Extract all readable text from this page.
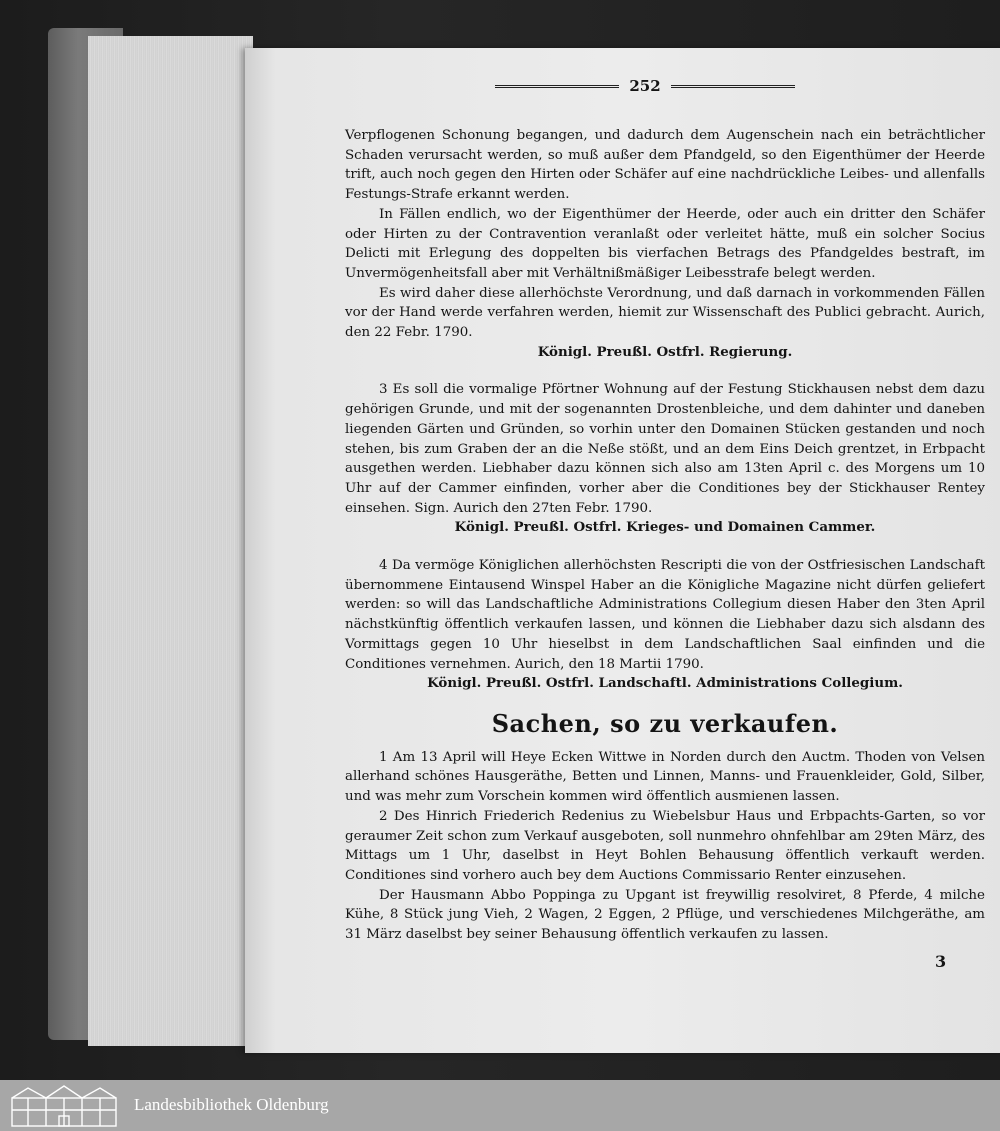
252

Verpflogenen Schonung begangen, und dadurch dem Augenschein nach ein beträchtlicher Schaden verursacht werden, so muß außer dem Pfandgeld, so den Eigenthümer der Heerde trift, auch noch gegen den Hirten oder Schäfer auf eine nachdrückliche Leibes- und allenfalls Festungs-Strafe erkannt werden.

In Fällen endlich, wo der Eigenthümer der Heerde, oder auch ein dritter den Schäfer oder Hirten zu der Contravention veranlaßt oder verleitet hätte, muß ein solcher Socius Delicti mit Erlegung des doppelten bis vierfachen Betrags des Pfandgeldes bestraft, im Unvermögenheitsfall aber mit Verhältnißmäßiger Leibesstrafe belegt werden.

Es wird daher diese allerhöchste Verordnung, und daß darnach in vorkommenden Fällen vor der Hand werde verfahren werden, hiemit zur Wissenschaft des Publici gebracht. Aurich, den 22 Febr. 1790.

Königl. Preußl. Ostfrl. Regierung.

3 Es soll die vormalige Pförtner Wohnung auf der Festung Stickhausen nebst dem dazu gehörigen Grunde, und mit der sogenannten Drostenbleiche, und dem dahinter und daneben liegenden Gärten und Gründen, so vorhin unter den Domainen Stücken gestanden und noch stehen, bis zum Graben der an die Neße stößt, und an dem Eins Deich grentzet, in Erbpacht ausgethen werden. Liebhaber dazu können sich also am 13ten April c. des Morgens um 10 Uhr auf der Cammer einfinden, vorher aber die Conditiones bey der Stickhauser Rentey einsehen. Sign. Aurich den 27ten Febr. 1790.

Königl. Preußl. Ostfrl. Krieges- und Domainen Cammer.

4 Da vermöge Königlichen allerhöchsten Rescripti die von der Ostfriesischen Landschaft übernommene Eintausend Winspel Haber an die Königliche Magazine nicht dürfen geliefert werden: so will das Landschaftliche Administrations Collegium diesen Haber den 3ten April nächstkünftig öffentlich verkaufen lassen, und können die Liebhaber dazu sich alsdann des Vormittags gegen 10 Uhr hieselbst in dem Landschaftlichen Saal einfinden und die Conditiones vernehmen. Aurich, den 18 Martii 1790.

Königl. Preußl. Ostfrl. Landschaftl. Administrations Collegium.

Sachen, so zu verkaufen.

1 Am 13 April will Heye Ecken Wittwe in Norden durch den Auctm. Thoden von Velsen allerhand schönes Hausgeräthe, Betten und Linnen, Manns- und Frauenkleider, Gold, Silber, und was mehr zum Vorschein kommen wird öffentlich ausmienen lassen.

2 Des Hinrich Friederich Redenius zu Wiebelsbur Haus und Erbpachts-Garten, so vor geraumer Zeit schon zum Verkauf ausgeboten, soll nunmehro ohnfehlbar am 29ten März, des Mittags um 1 Uhr, daselbst in Heyt Bohlen Behausung öffentlich verkauft werden. Conditiones sind vorhero auch bey dem Auctions Commissario Renter einzusehen.

Der Hausmann Abbo Poppinga zu Upgant ist freywillig resolviret, 8 Pferde, 4 milche Kühe, 8 Stück jung Vieh, 2 Wagen, 2 Eggen, 2 Pflüge, und verschiedenes Milchgeräthe, am 31 März daselbst bey seiner Behausung öffentlich verkaufen zu lassen.

3
Landesbibliothek Oldenburg
